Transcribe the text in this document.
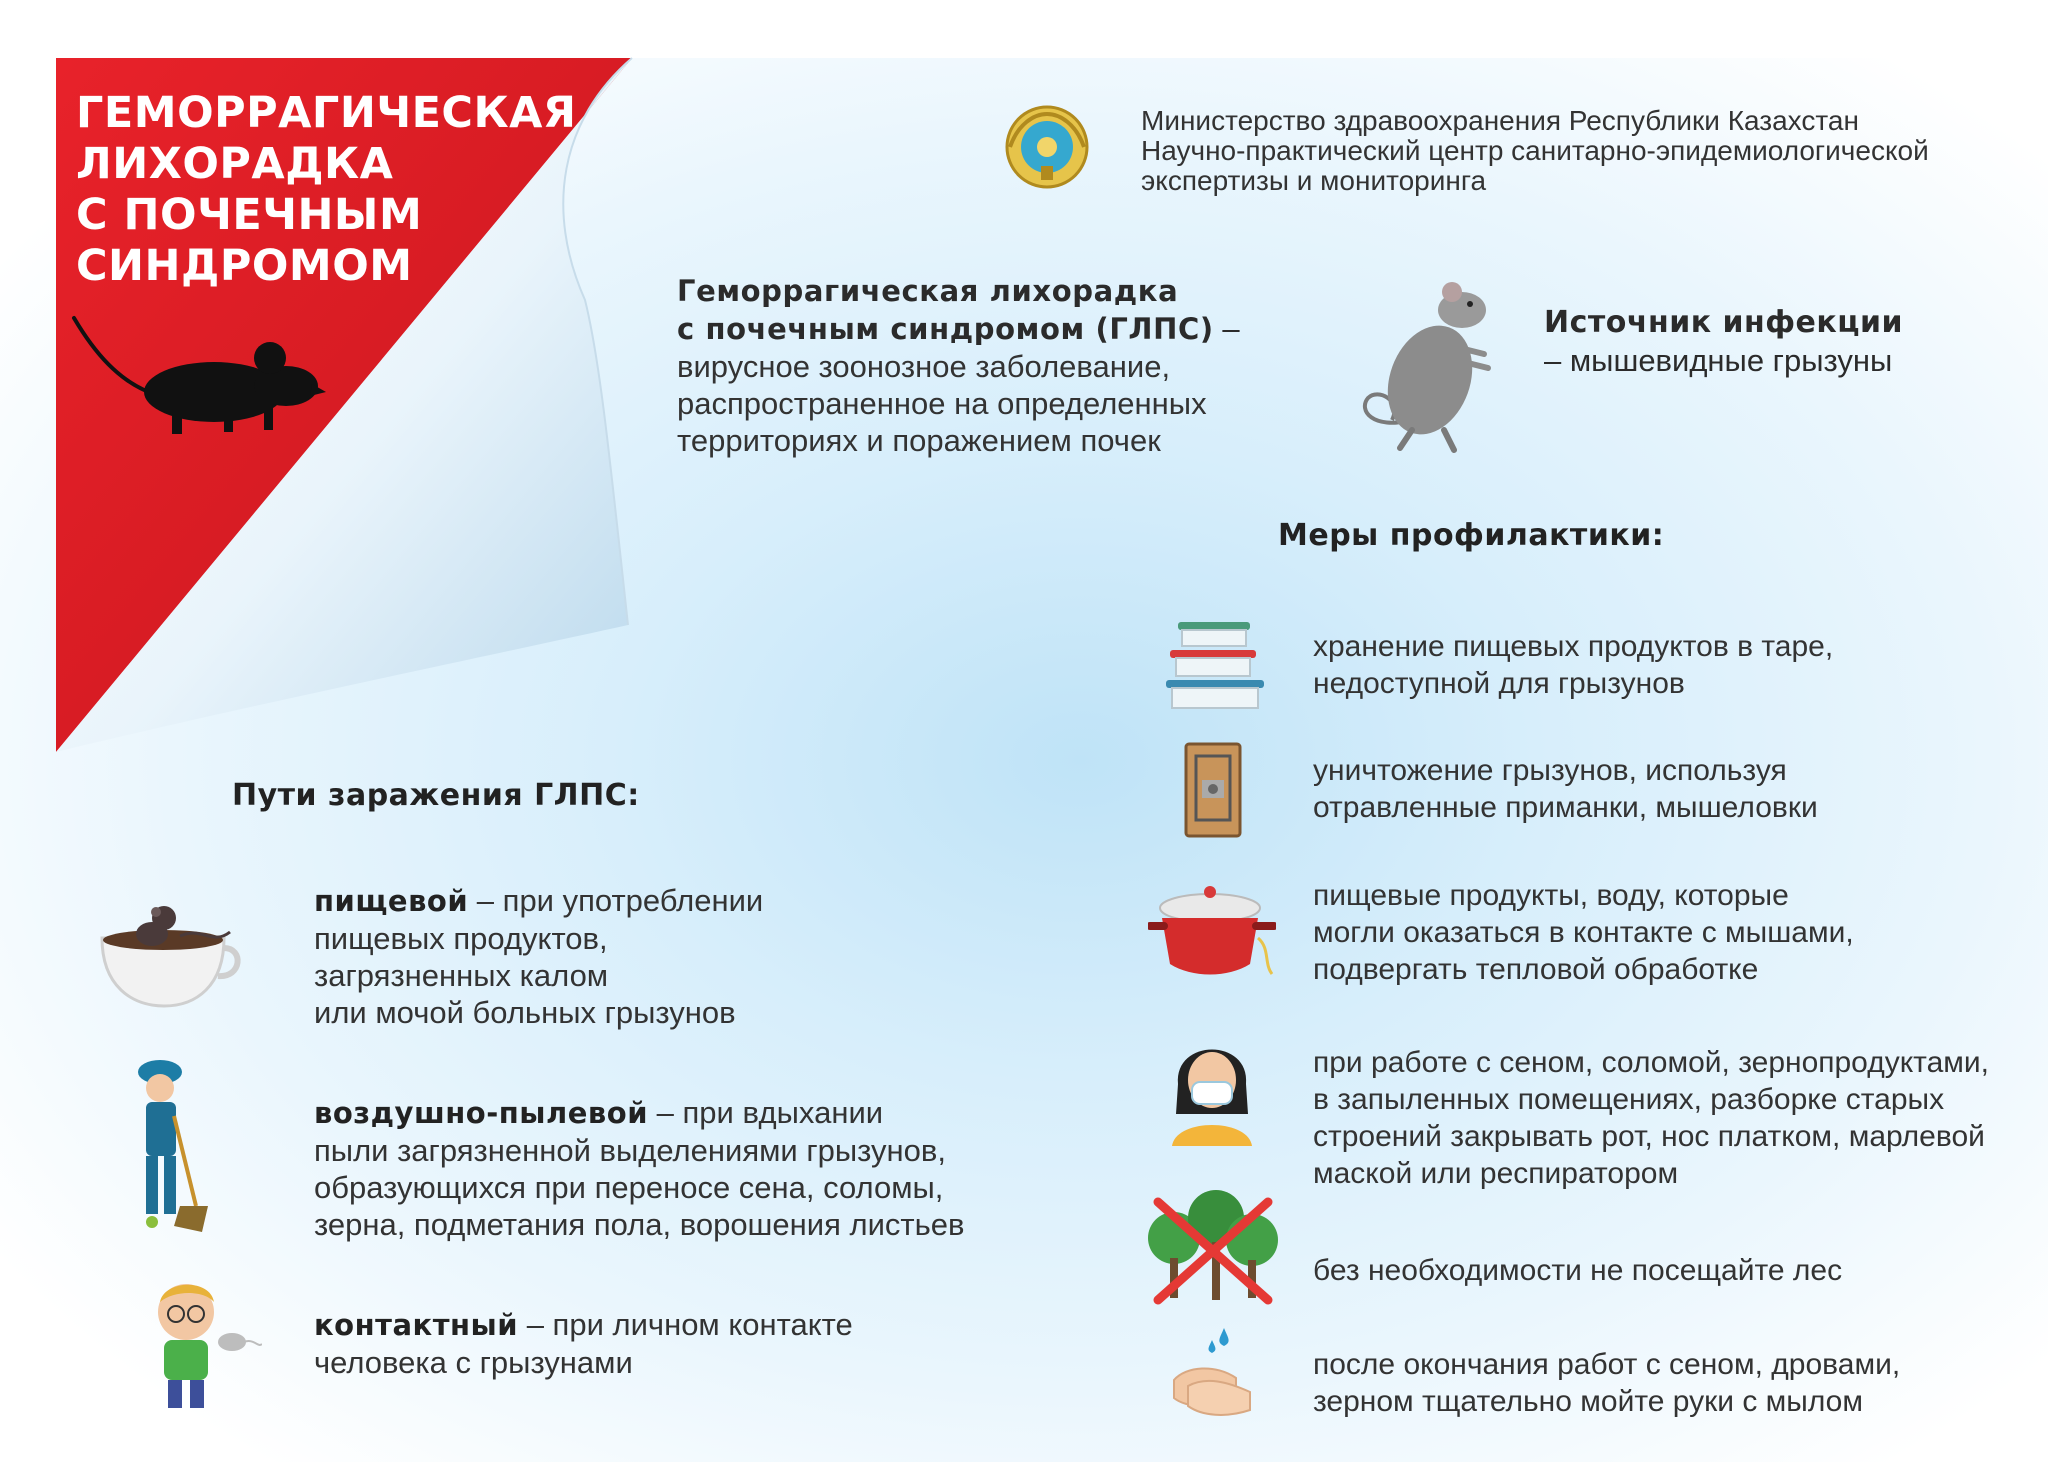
ГЕМОРРАГИЧЕСКАЯ
ЛИХОРАДКА
С ПОЧЕЧНЫМ
СИНДРОМОМ
Министерство здравоохранения Республики Казахстан
Научно-практический центр санитарно-эпидемиологической
экспертизы и мониторинга
Геморрагическая лихорадка
с почечным синдромом (ГЛПС) –
вирусное зоонозное заболевание,
распространенное на определенных
территориях и поражением почек
Источник инфекции
– мышевидные грызуны
Пути заражения ГЛПС:
пищевой – при употреблении
пищевых продуктов,
загрязненных калом
или мочой больных грызунов
воздушно-пылевой – при вдыхании
пыли загрязненной выделениями грызунов,
образующихся при переносе сена, соломы,
зерна, подметания пола, ворошения листьев
контактный – при личном контакте
человека с грызунами
Меры профилактики:
хранение пищевых продуктов в таре,
недоступной для грызунов
уничтожение грызунов, используя
отравленные приманки, мышеловки
пищевые продукты, воду, которые
могли оказаться в контакте с мышами,
подвергать тепловой обработке
при работе с сеном, соломой, зернопродуктами,
в запыленных помещениях, разборке старых
строений закрывать рот, нос платком, марлевой
маской или респиратором
без необходимости не посещайте лес
после окончания работ с сеном, дровами,
зерном тщательно мойте руки с мылом
